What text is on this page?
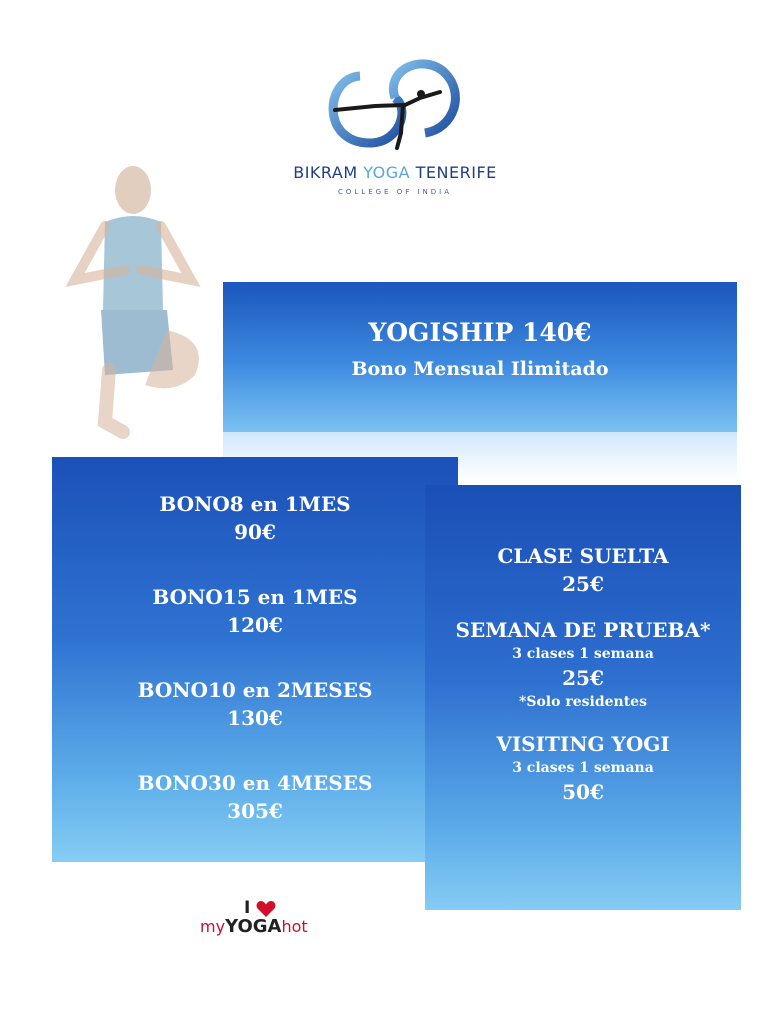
BIKRAM YOGA TENERIFE
COLLEGE OF INDIA
YOGISHIP 140€
Bono Mensual Ilimitado
BONO8 en 1MES
90€
BONO15 en 1MES
120€
BONO10 en 2MESES
130€
BONO30 en 4MESES
305€
CLASE SUELTA
25€
SEMANA DE PRUEBA*
3 clases 1 semana
25€
*Solo residentes
VISITING YOGI
3 clases 1 semana
50€
I
myYOGAhot
